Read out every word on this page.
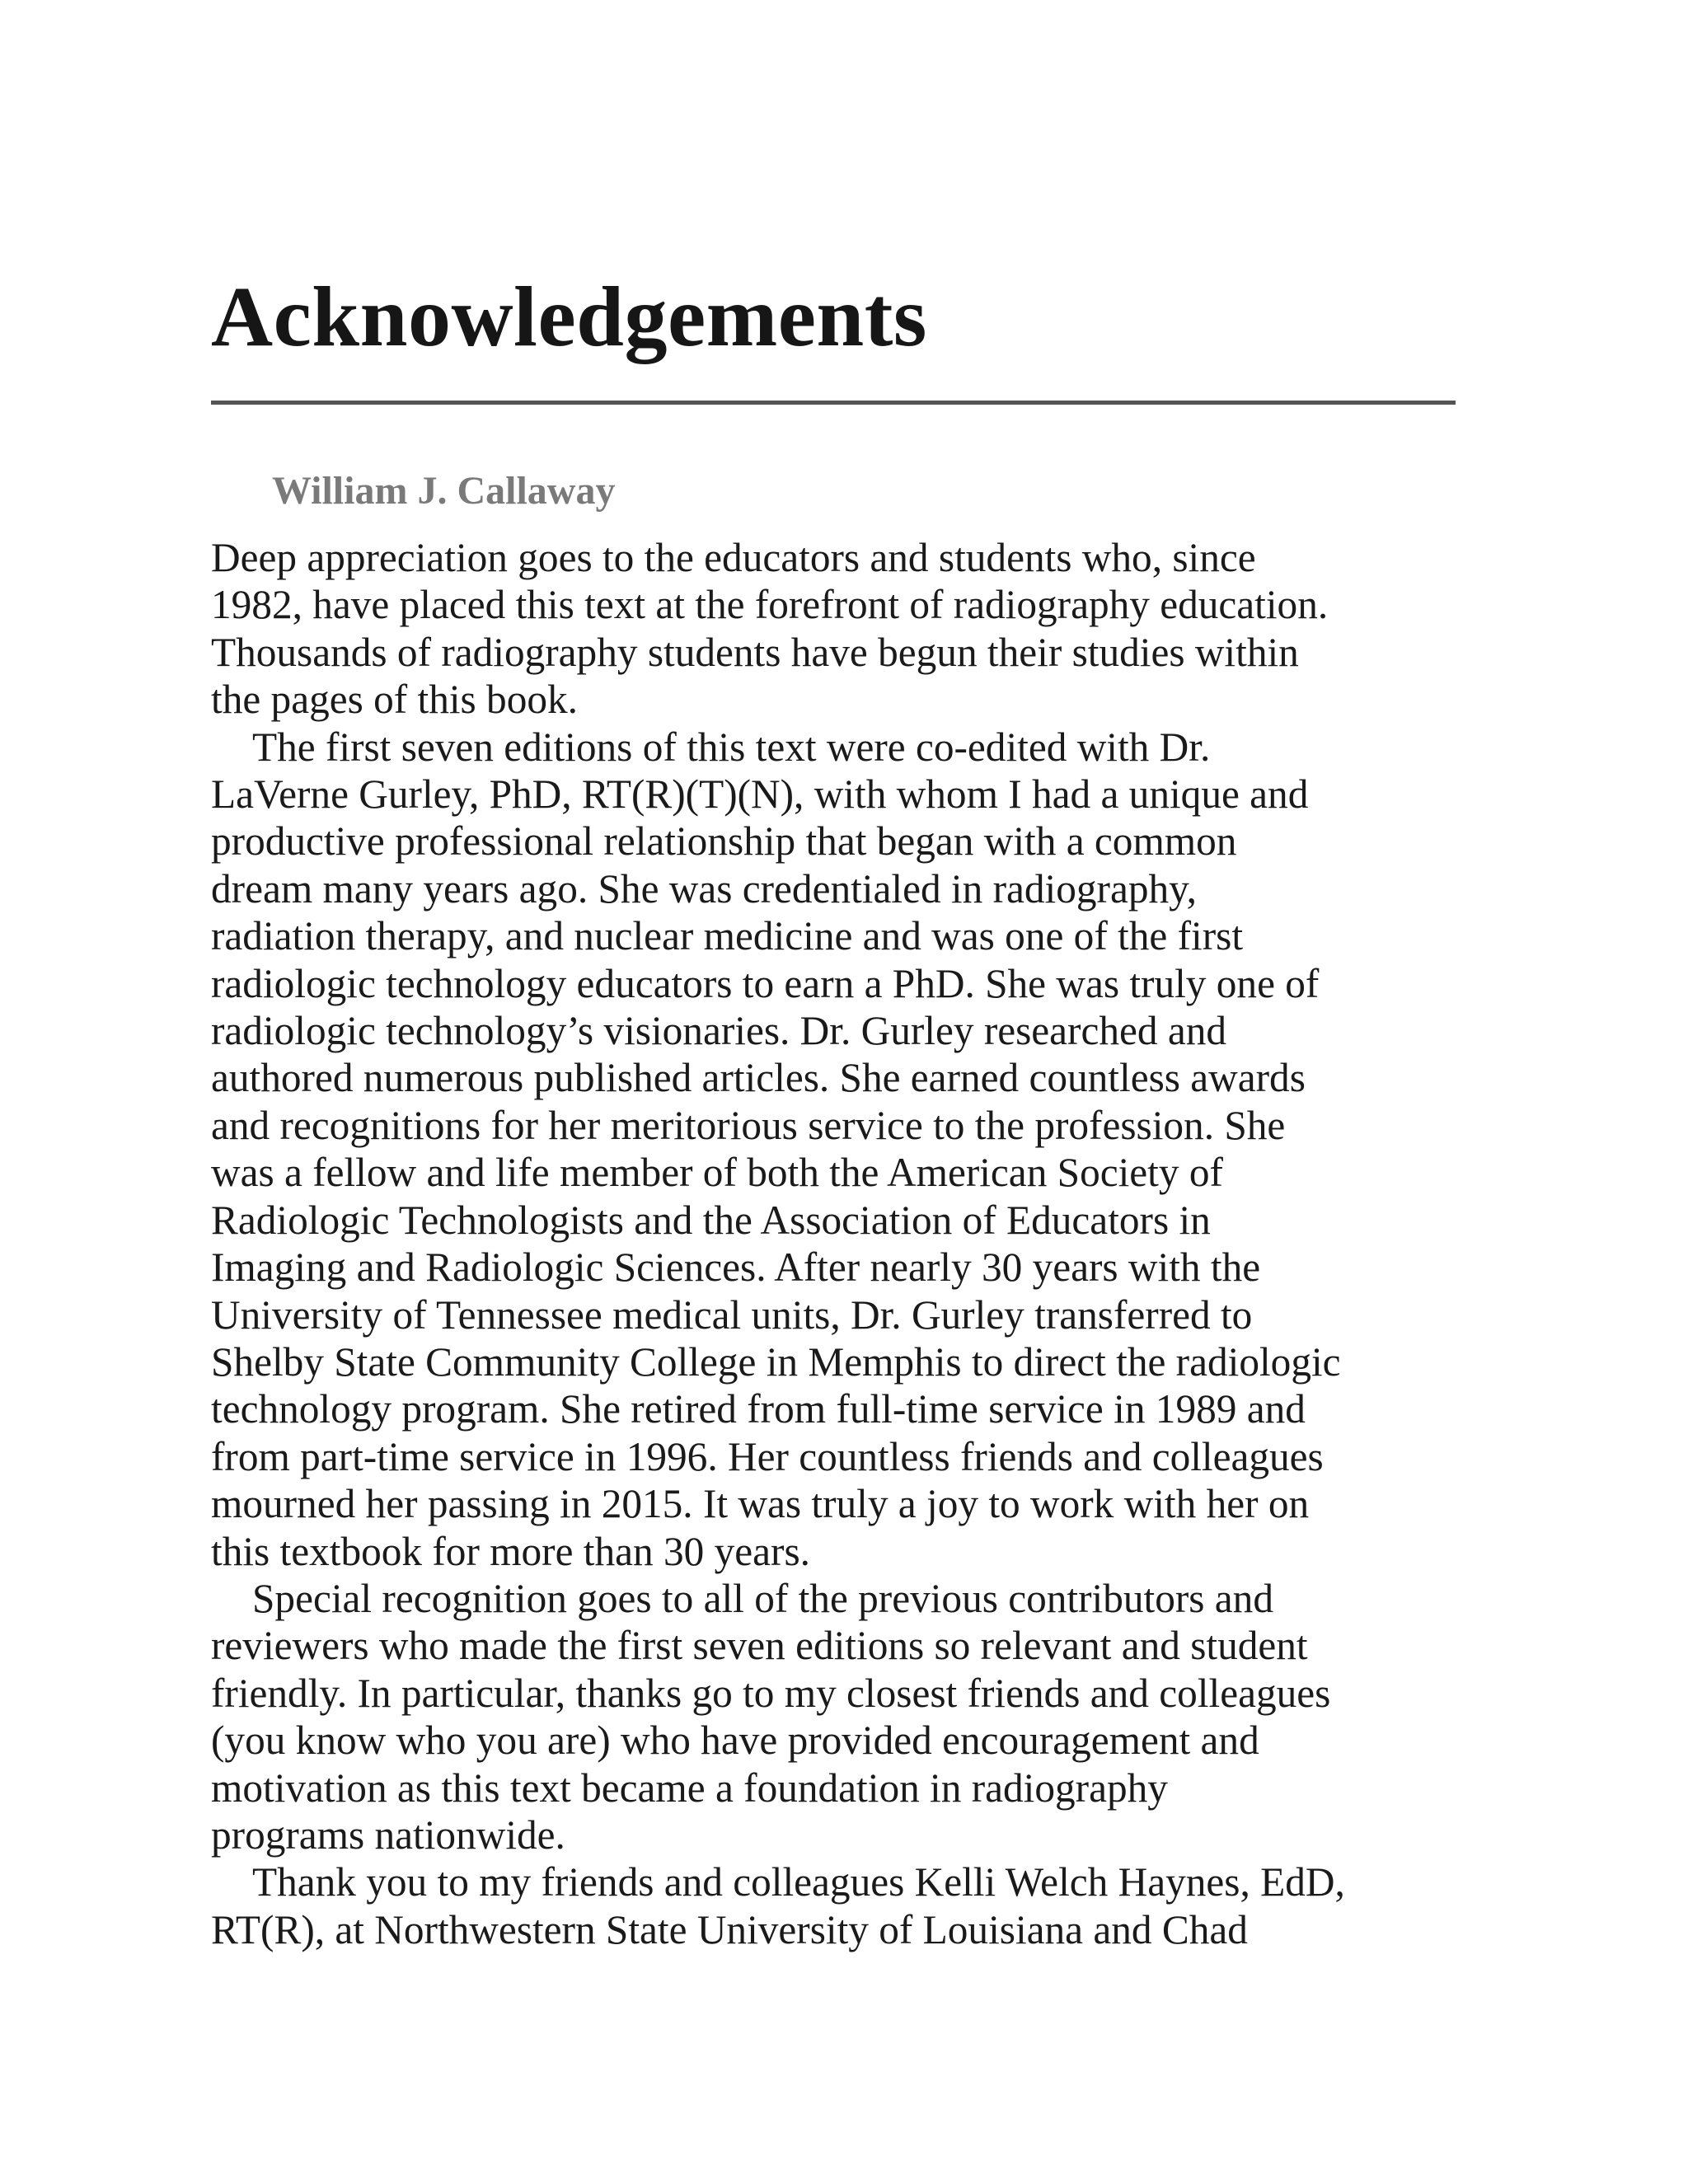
Acknowledgements

William J. Callaway

Deep appreciation goes to the educators and students who, since
1982, have placed this text at the forefront of radiography education.
Thousands of radiography students have begun their studies within
the pages of this book.

The first seven editions of this text were co-edited with Dr.
LaVerne Gurley, PhD, RT(R)(T)(N), with whom I had a unique and
productive professional relationship that began with a common
dream many years ago. She was credentialed in radiography,
radiation therapy, and nuclear medicine and was one of the first
radiologic technology educators to earn a PhD. She was truly one of
radiologic technology’s visionaries. Dr. Gurley researched and
authored numerous published articles. She earned countless awards
and recognitions for her meritorious service to the profession. She
was a fellow and life member of both the American Society of
Radiologic Technologists and the Association of Educators in
Imaging and Radiologic Sciences. After nearly 30 years with the
University of Tennessee medical units, Dr. Gurley transferred to
Shelby State Community College in Memphis to direct the radiologic
technology program. She retired from full-time service in 1989 and
from part-time service in 1996. Her countless friends and colleagues
mourned her passing in 2015. It was truly a joy to work with her on
this textbook for more than 30 years.

Special recognition goes to all of the previous contributors and
reviewers who made the first seven editions so relevant and student
friendly. In particular, thanks go to my closest friends and colleagues
(you know who you are) who have provided encouragement and
motivation as this text became a foundation in radiography
programs nationwide.

Thank you to my friends and colleagues Kelli Welch Haynes, EdD,
RT(R), at Northwestern State University of Louisiana and Chad
